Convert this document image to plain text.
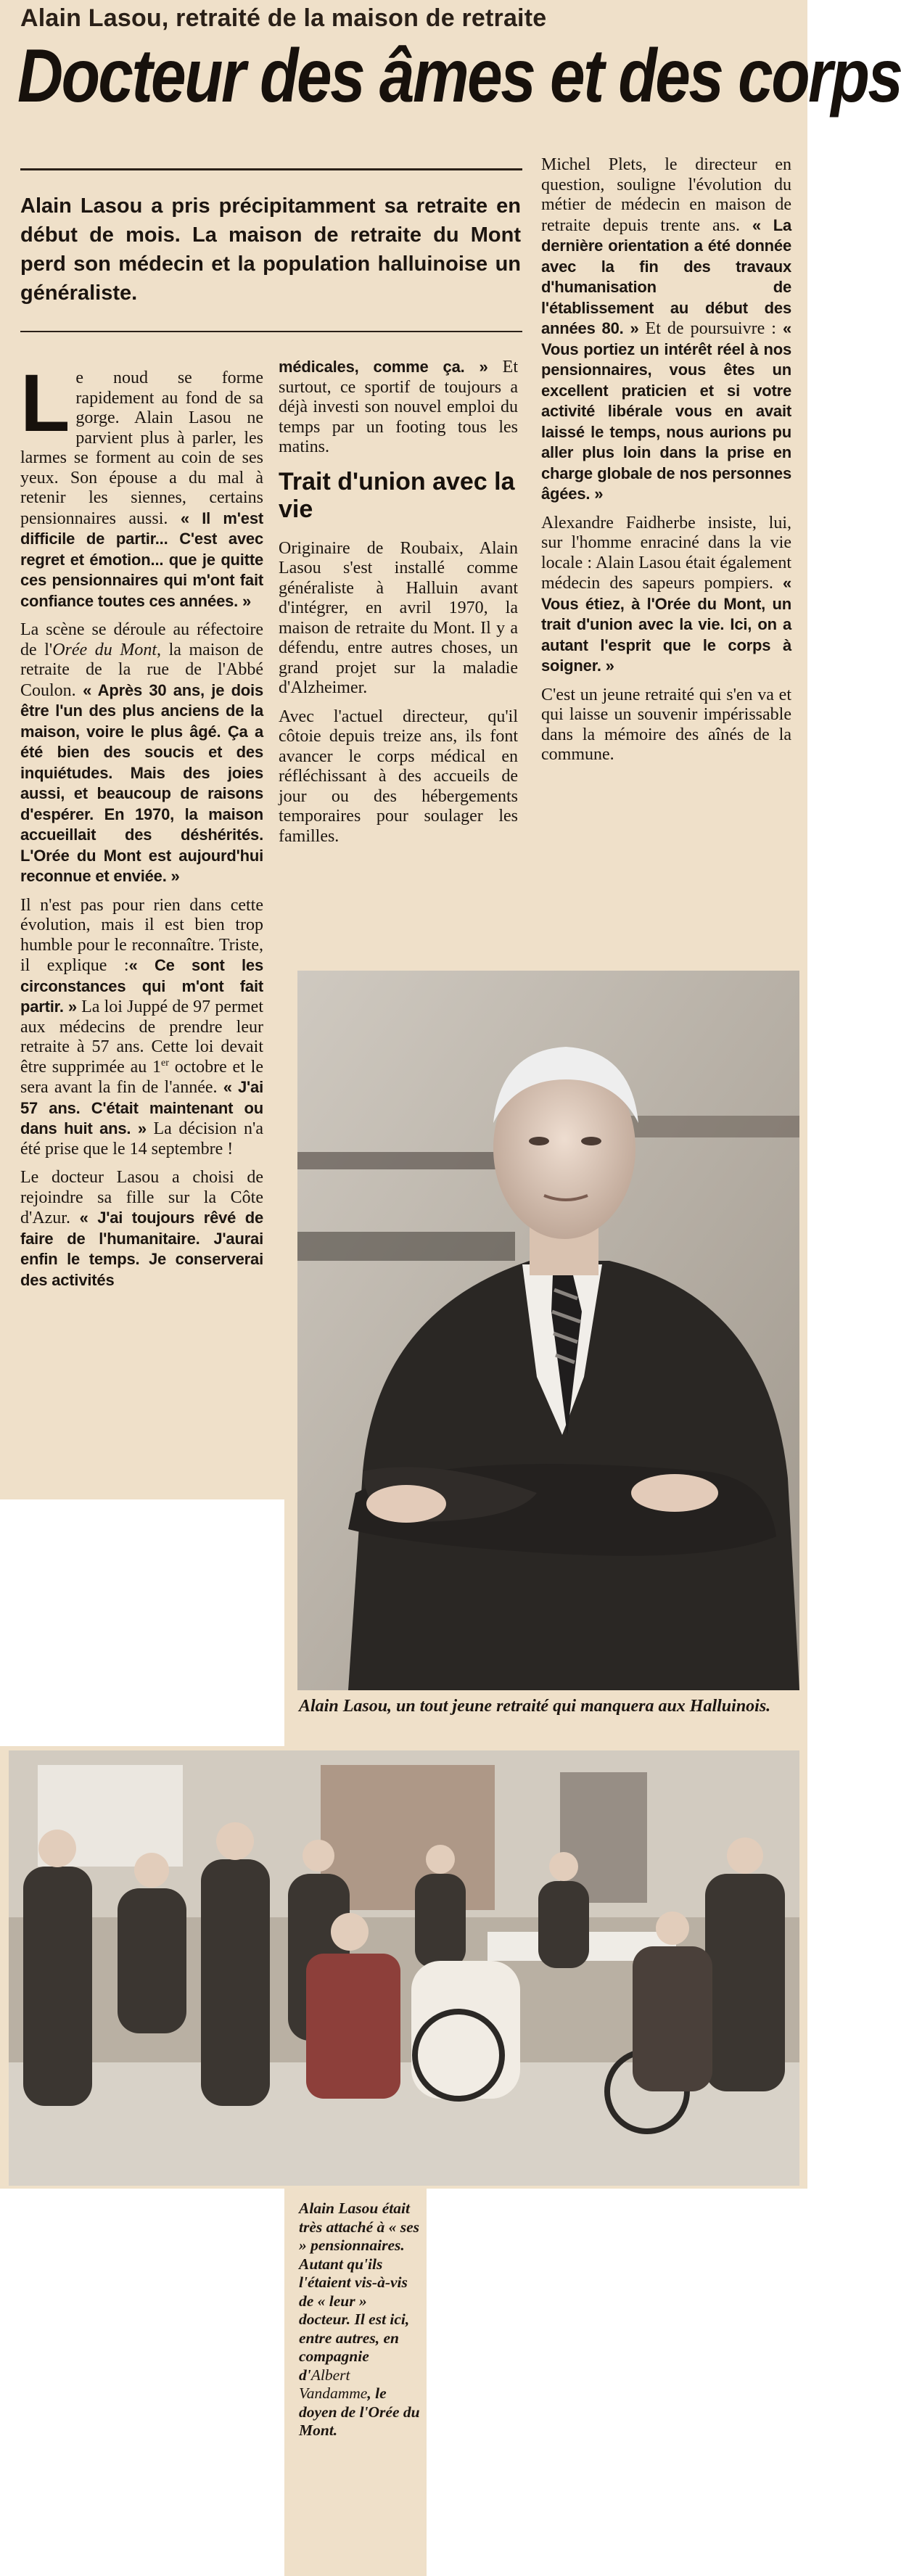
Alain Lasou, retraité de la maison de retraite
Docteur des âmes et des corps
Alain Lasou a pris précipitamment sa retraite en début de mois. La maison de retraite du Mont perd son médecin et la population halluinoise un généraliste.

Le noud se forme rapidement au fond de sa gorge. Alain Lasou ne parvient plus à parler, les larmes se forment au coin de ses yeux. Son épouse a du mal à retenir les siennes, certains pensionnaires aussi. « Il m'est difficile de partir... C'est avec regret et émotion... que je quitte ces pensionnaires qui m'ont fait confiance toutes ces années. »

La scène se déroule au réfectoire de l'Orée du Mont, la maison de retraite de la rue de l'Abbé Coulon. « Après 30 ans, je dois être l'un des plus anciens de la maison, voire le plus âgé. Ça a été bien des soucis et des inquiétudes. Mais des joies aussi, et beaucoup de raisons d'espérer. En 1970, la maison accueillait des déshérités. L'Orée du Mont est aujourd'hui reconnue et enviée. »

Il n'est pas pour rien dans cette évolution, mais il est bien trop humble pour le reconnaître. Triste, il explique :« Ce sont les circonstances qui m'ont fait partir. » La loi Juppé de 97 permet aux médecins de prendre leur retraite à 57 ans. Cette loi devait être supprimée au 1er octobre et le sera avant la fin de l'année. « J'ai 57 ans. C'était maintenant ou dans huit ans. » La décision n'a été prise que le 14 septembre !

Le docteur Lasou a choisi de rejoindre sa fille sur la Côte d'Azur. « J'ai toujours rêvé de faire de l'humanitaire. J'aurai enfin le temps. Je conserverai des activités

médicales, comme ça. » Et surtout, ce sportif de toujours a déjà investi son nouvel emploi du temps par un footing tous les matins.

Trait d'union avec la vie

Originaire de Roubaix, Alain Lasou s'est installé comme généraliste à Halluin avant d'intégrer, en avril 1970, la maison de retraite du Mont. Il y a défendu, entre autres choses, un grand projet sur la maladie d'Alzheimer.

Avec l'actuel directeur, qu'il côtoie depuis treize ans, ils font avancer le corps médical en réfléchissant à des accueils de jour ou des hébergements temporaires pour soulager les familles.

Michel Plets, le directeur en question, souligne l'évolution du métier de médecin en maison de retraite depuis trente ans. « La dernière orientation a été donnée avec la fin des travaux d'humanisation de l'établissement au début des années 80. » Et de poursuivre : « Vous portiez un intérêt réel à nos pensionnaires, vous êtes un excellent praticien et si votre activité libérale vous en avait laissé le temps, nous aurions pu aller plus loin dans la prise en charge globale de nos personnes âgées. »

Alexandre Faidherbe insiste, lui, sur l'homme enraciné dans la vie locale : Alain Lasou était également médecin des sapeurs pompiers. « Vous étiez, à l'Orée du Mont, un trait d'union avec la vie. Ici, on a autant l'esprit que le corps à soigner. »

C'est un jeune retraité qui s'en va et qui laisse un souvenir impérissable dans la mémoire des aînés de la commune.

Alain Lasou, un tout jeune retraité qui manquera aux Halluinois.
Alain Lasou était très attaché à « ses » pensionnaires. Autant qu'ils l'étaient vis-à-vis de « leur » docteur. Il est ici, entre autres, en compagnie d'Albert Vandamme, le doyen de l'Orée du Mont.
